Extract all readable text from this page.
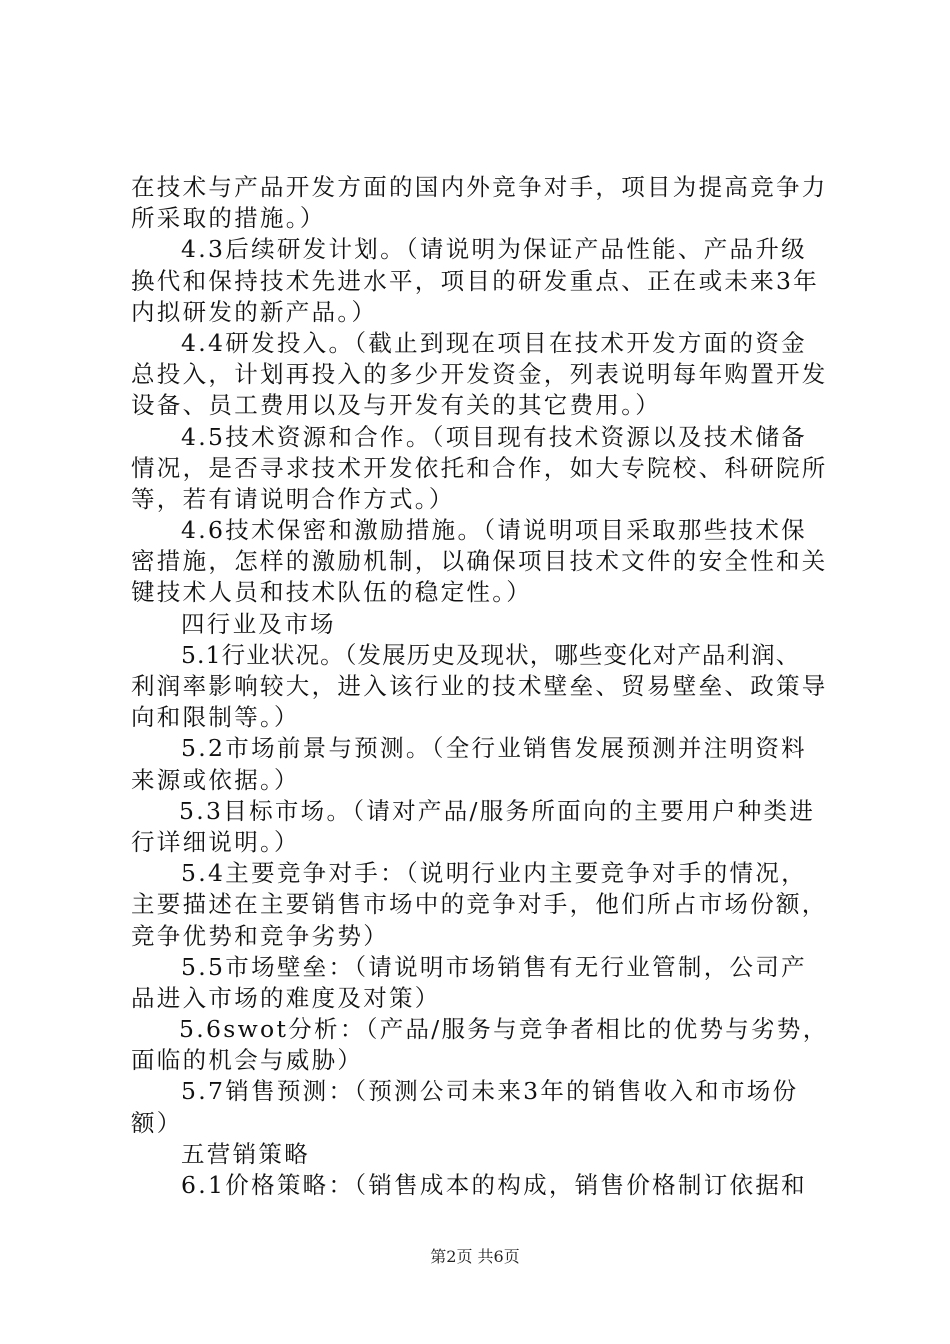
在技术与产品开发方面的国内外竞争对手，项目为提高竞争力
所采取的措施。）
4.3后续研发计划。（请说明为保证产品性能、产品升级
换代和保持技术先进水平，项目的研发重点、正在或未来3年
内拟研发的新产品。）
4.4研发投入。（截止到现在项目在技术开发方面的资金
总投入，计划再投入的多少开发资金，列表说明每年购置开发
设备、员工费用以及与开发有关的其它费用。）
4.5技术资源和合作。（项目现有技术资源以及技术储备
情况，是否寻求技术开发依托和合作，如大专院校、科研院所
等，若有请说明合作方式。）
4.6技术保密和激励措施。（请说明项目采取那些技术保
密措施，怎样的激励机制，以确保项目技术文件的安全性和关
键技术人员和技术队伍的稳定性。）
四行业及市场
5.1行业状况。（发展历史及现状，哪些变化对产品利润、
利润率影响较大，进入该行业的技术壁垒、贸易壁垒、政策导
向和限制等。）
5.2市场前景与预测。（全行业销售发展预测并注明资料
来源或依据。）
5.3目标市场。（请对产品/服务所面向的主要用户种类进
行详细说明。）
5.4主要竞争对手：（说明行业内主要竞争对手的情况，
主要描述在主要销售市场中的竞争对手，他们所占市场份额，
竞争优势和竞争劣势）
5.5市场壁垒：（请说明市场销售有无行业管制，公司产
品进入市场的难度及对策）
5.6swot分析：（产品/服务与竞争者相比的优势与劣势，
面临的机会与威胁）
5.7销售预测：（预测公司未来3年的销售收入和市场份
额）
五营销策略
6.1价格策略：（销售成本的构成，销售价格制订依据和
第2页 共6页
